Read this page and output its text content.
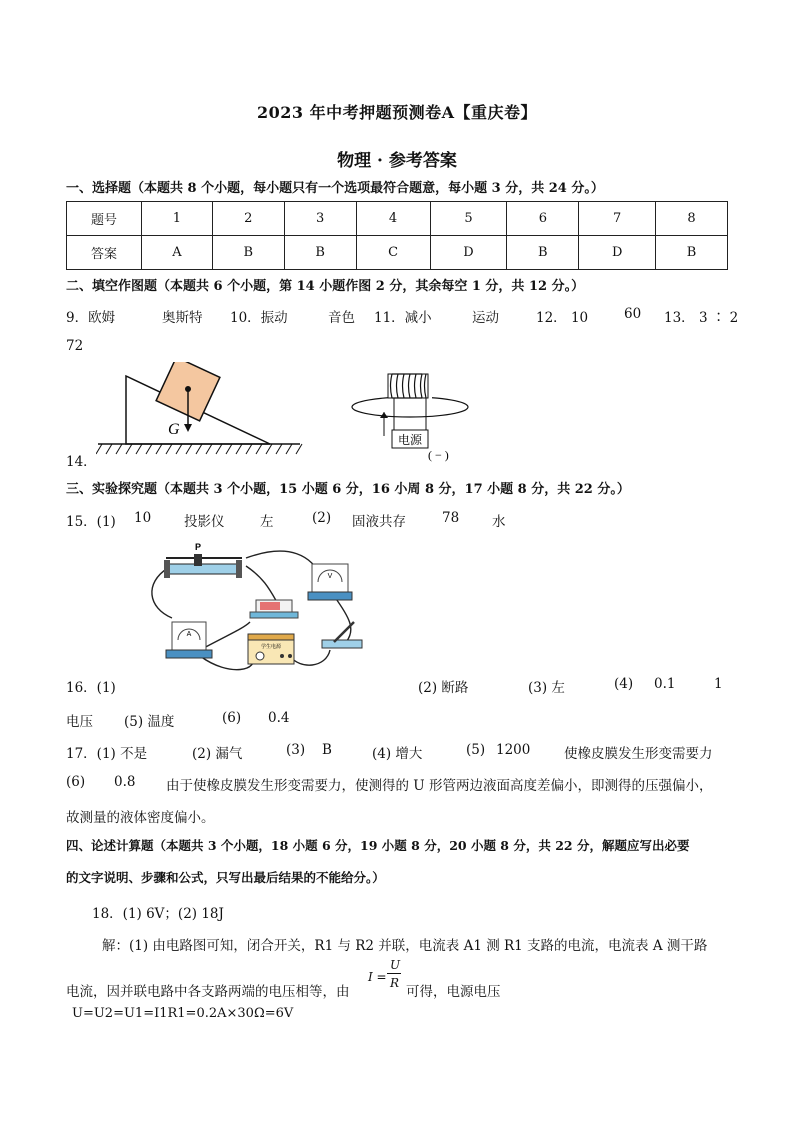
2023 年中考押题预测卷A【重庆卷】
物理 · 参考答案
一、选择题（本题共 8 个小题，每小题只有一个选项最符合题意，每小题 3 分，共 24 分。）
题号	1	2	3	4	5	6	7	8
答案	A	B	B	C	D	B	D	B
二、填空作图题（本题共 6 个小题，第 14 小题作图 2 分，其余每空 1 分，共 12 分。）
9．欧姆	奥斯特 10．振动	音色 11．减小	运动	12． 10	60 13． 3 ∶ 2
72
G
14．
电源
( − )
三、实验探究题（本题共 3 个小题，15 小题 6 分，16 小周 8 分，17 小题 8 分，共 22 分。）
15．(1) 10 投影仪	左	(2) 固液共存	78 水
P
V
A
学生电源
16．(1)	(2) 断路	(3) 左	(4) 0.1	1
电压 (5) 温度	(6) 0.4
17．(1) 不是	(2) 漏气	(3) B	(4) 增大	(5) 1200 使橡皮膜发生形变需要力
(6) 0.8 由于使橡皮膜发生形变需要力，使测得的 U 形管两边液面高度差偏小，即测得的压强偏小，
故测量的液体密度偏小。
四、论述计算题（本题共 3 个小题，18 小题 6 分，19 小题 8 分，20 小题 8 分，共 22 分，解题应写出必要
的文字说明、步骤和公式，只写出最后结果的不能给分。）
18．(1) 6V；(2) 18J
解：(1) 由电路图可知，闭合开关，R1 与 R2 并联，电流表 A1 测 R1 支路的电流，电流表 A 测干路
电流，因并联电路中各支路两端的电压相等，由
I =
U
R
可得，电源电压
U=U2=U1=I1R1=0.2A×30Ω=6V
